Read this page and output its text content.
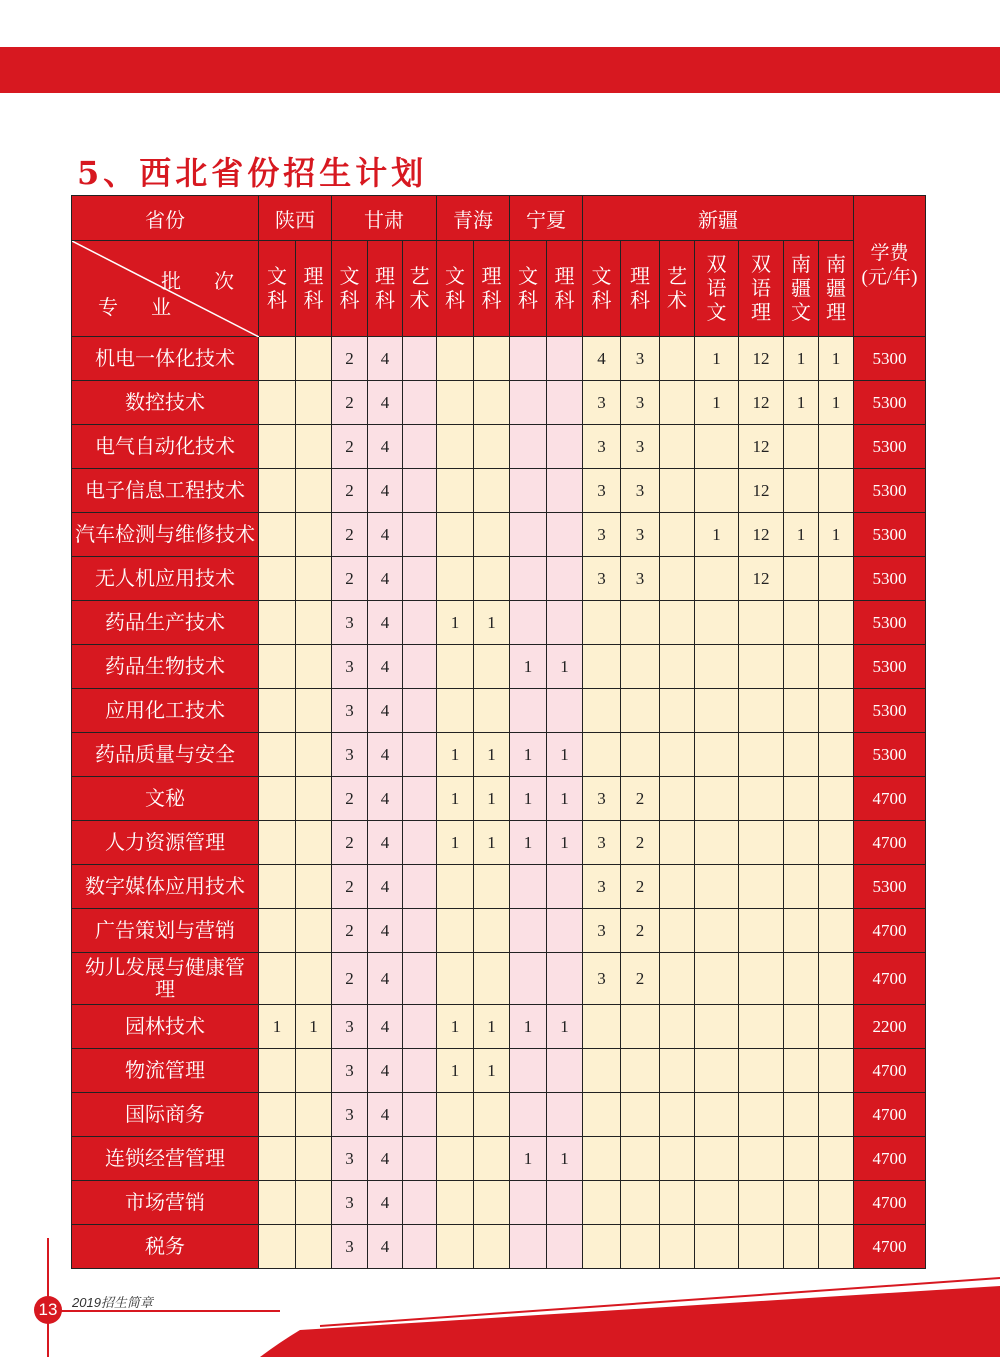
5、西北省份招生计划
省份	陕西		甘肃			青海		宁夏		新疆							学费(元/年)

批 次
专 业	文科	理科	文科	理科	艺术	文科	理科	文科	理科	文科	理科	艺术	双语文	双语理	南疆文	南疆理	
机电一体化技术			2	4						4	3		1	12	1	1	5300
数控技术			2	4						3	3		1	12	1	1	5300
电气自动化技术			2	4						3	3			12			5300
电子信息工程技术			2	4						3	3			12			5300
汽车检测与维修技术			2	4						3	3		1	12	1	1	5300
无人机应用技术			2	4						3	3			12			5300
药品生产技术			3	4		1	1										5300
药品生物技术			3	4				1	1								5300
应用化工技术			3	4													5300
药品质量与安全			3	4		1	1	1	1								5300
文秘			2	4		1	1	1	1	3	2						4700
人力资源管理			2	4		1	1	1	1	3	2						4700
数字媒体应用技术			2	4						3	2						5300
广告策划与营销			2	4						3	2						4700
幼儿发展与健康管理			2	4						3	2						4700
园林技术	1	1	3	4		1	1	1	1								2200
物流管理			3	4		1	1										4700
国际商务			3	4													4700
连锁经营管理			3	4				1	1								4700
市场营销			3	4													4700
税务			3	4													4700
13	2019招生简章
